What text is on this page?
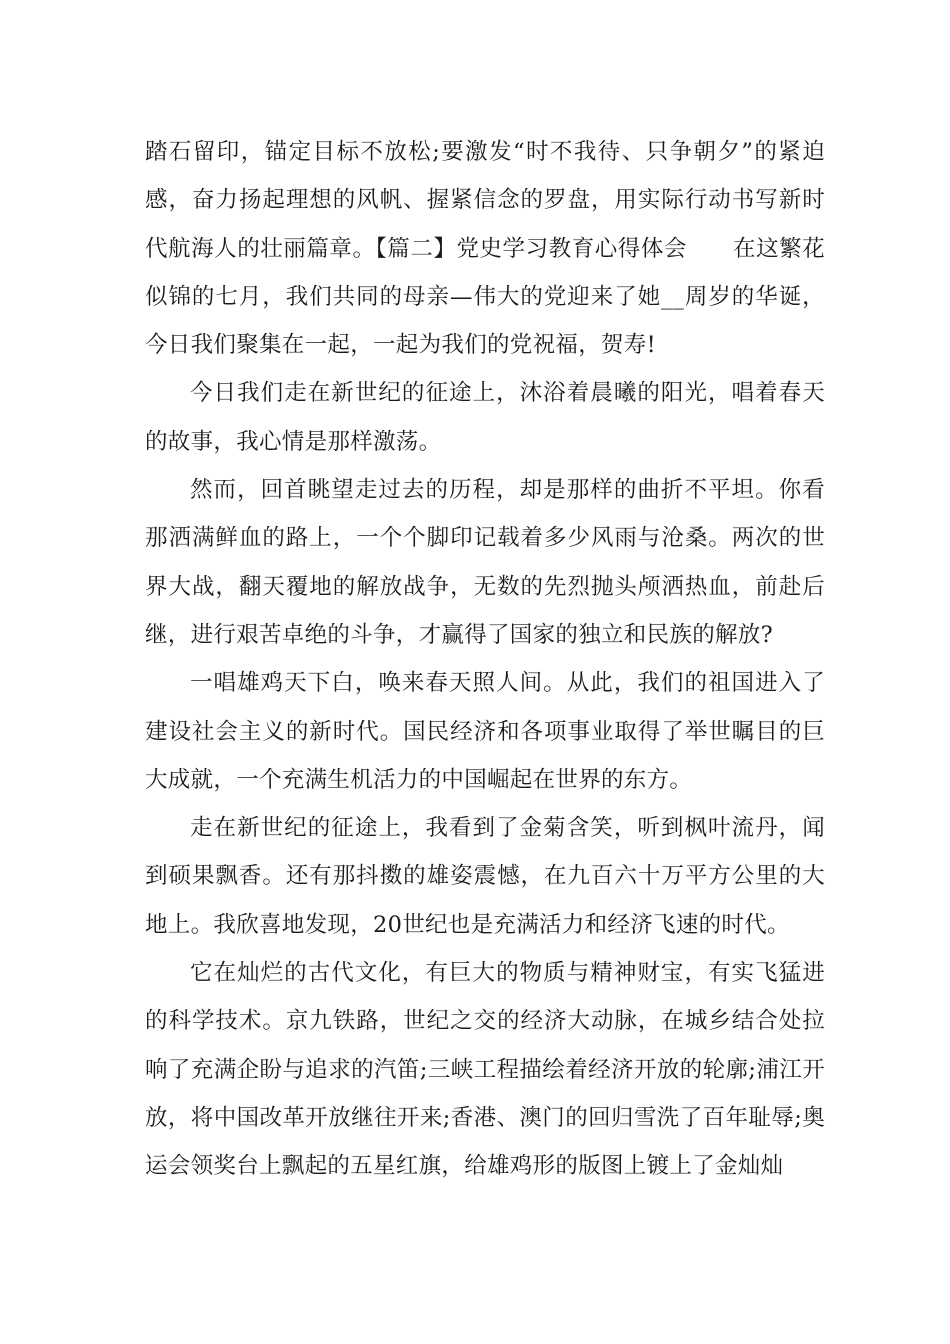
踏石留印，锚定目标不放松;要激发“时不我待、只争朝夕”的紧迫感，奋力扬起理想的风帆、握紧信念的罗盘，用实际行动书写新时代航海人的壮丽篇章。【篇二】党史学习教育心得体会　　在这繁花似锦的七月，我们共同的母亲—伟大的党迎来了她__周岁的华诞，今日我们聚集在一起，一起为我们的党祝福，贺寿!

今日我们走在新世纪的征途上，沐浴着晨曦的阳光，唱着春天的故事，我心情是那样激荡。

然而，回首眺望走过去的历程，却是那样的曲折不平坦。你看那洒满鲜血的路上，一个个脚印记载着多少风雨与沧桑。两次的世界大战，翻天覆地的解放战争，无数的先烈抛头颅洒热血，前赴后继，进行艰苦卓绝的斗争，才赢得了国家的独立和民族的解放?

一唱雄鸡天下白，唤来春天照人间。从此，我们的祖国进入了建设社会主义的新时代。国民经济和各项事业取得了举世瞩目的巨大成就，一个充满生机活力的中国崛起在世界的东方。

走在新世纪的征途上，我看到了金菊含笑，听到枫叶流丹，闻到硕果飘香。还有那抖擞的雄姿震憾，在九百六十万平方公里的大地上。我欣喜地发现，20世纪也是充满活力和经济飞速的时代。

它在灿烂的古代文化，有巨大的物质与精神财宝，有实飞猛进的科学技术。京九铁路，世纪之交的经济大动脉，在城乡结合处拉响了充满企盼与追求的汽笛;三峡工程描绘着经济开放的轮廓;浦江开放，将中国改革开放继往开来;香港、澳门的回归雪洗了百年耻辱;奥运会领奖台上飘起的五星红旗，给雄鸡形的版图上镀上了金灿灿
